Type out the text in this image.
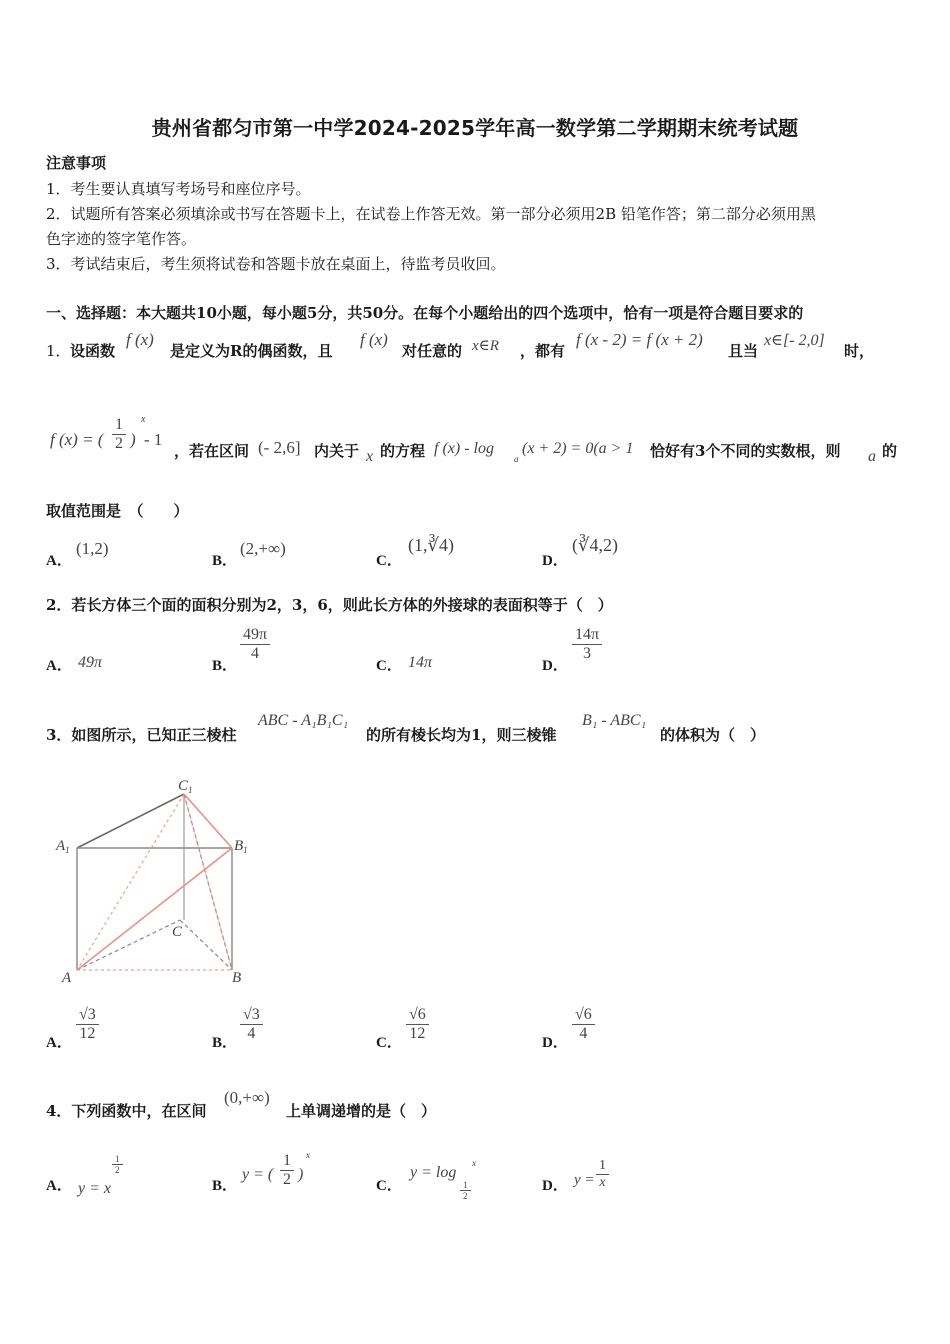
贵州省都匀市第一中学2024-2025学年高一数学第二学期期末统考试题
注意事项
1．考生要认真填写考场号和座位序号。
2．试题所有答案必须填涂或书写在答题卡上，在试卷上作答无效。第一部分必须用2B 铅笔作答；第二部分必须用黑
色字迹的签字笔作答。
3．考试结束后，考生须将试卷和答题卡放在桌面上，待监考员收回。
一、选择题：本大题共10小题，每小题5分，共50分。在每个小题给出的四个选项中，恰有一项是符合题目要求的
1． 设函数
f (x)
是定义为R的偶函数，且
f (x)
对任意的 x∈R ，都有
f (x - 2) = f (x + 2)
且当
x∈[- 2,0]
时，
f (x) = ( $\frac{1}{2}$ )
x
- 1
，若在区间 (- 2,6] 内关于 x 的方程 f (x) - log
a
(x + 2) = 0(a > 1 恰好有3个不同的实数根，则 a 的
取值范围是　（　　）
A．
(1,2)
B．
(2,+∞)
C．
(1,∛4)
D．
(∛4,2)
2．若长方体三个面的面积分别为2，3，6，则此长方体的外接球的表面积等于（　）
A． 49π	B．
$\frac{49\pi}{4}$
C． 14π	D．
$\frac{14\pi}{3}$
3．如图所示，已知正三棱柱
ABC - A₁B₁C₁
的所有棱长均为1，则三棱锥
B₁ - ABC₁
的体积为（　）
$C_1$
$A_1$	$B_1$
C
A	B
A． $\frac{√3}{12}$	B． $\frac{√3}{4}$	C． $\frac{√6}{12}$	D． $\frac{√6}{4}$
4．下列函数中，在区间
(0,+∞)
上单调递增的是（　）
A． y = x
$\frac{1}{2}$
B．
y = ( $\frac{1}{2}$ )
x
C．
y = log
$\frac{1}{2}$
x
D． $y = \frac{1}{x}$
